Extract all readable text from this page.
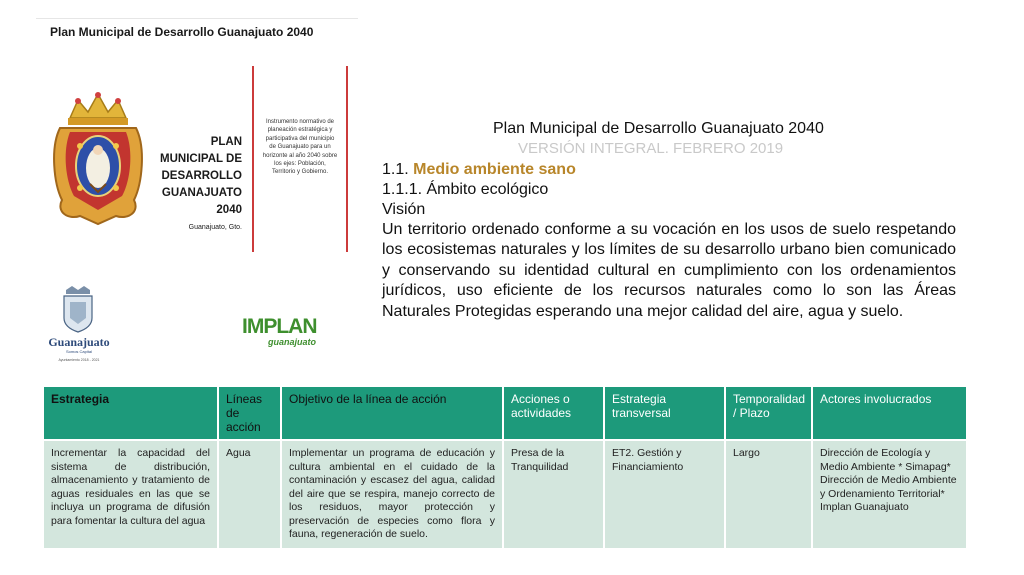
Plan Municipal de Desarrollo Guanajuato 2040
PLAN
MUNICIPAL DE
DESARROLLO
GUANAJUATO
2040
Guanajuato, Gto.
Instrumento normativo de planeación estratégica y participativa del municipio de Guanajuato para un horizonte al año 2040 sobre los ejes: Población, Territorio y Gobierno.
Guanajuato
Somos Capital
Ayuntamiento 2018 - 2021
IMPLAN
guanajuato
Plan Municipal de Desarrollo Guanajuato 2040
VERSIÓN INTEGRAL. FEBRERO 2019
1.1. Medio ambiente sano
1.1.1. Ámbito ecológico
Visión
Un territorio ordenado conforme a su vocación en los usos de suelo respetando los ecosistemas naturales y los límites de su desarrollo urbano bien comunicado y conservando su identidad cultural en cumplimiento con los ordenamientos jurídicos, uso eficiente de los recursos naturales como lo son las Áreas Naturales Protegidas esperando una mejor calidad del aire, agua y suelo.
Estrategia	Líneas de acción	Objetivo de la línea de acción	Acciones o actividades	Estrategia transversal	Temporalidad / Plazo	Actores involucrados
Incrementar la capacidad del sistema de distribución, almacenamiento y tratamiento de aguas residuales en las que se incluya un programa de difusión para fomentar la cultura del agua	Agua	Implementar un programa de educación y cultura ambiental en el cuidado de la contaminación y escasez del agua, calidad del aire que se respira, manejo correcto de los residuos, mayor protección y preservación de especies como flora y fauna, regeneración de suelo.	Presa de la Tranquilidad	ET2. Gestión y Financiamiento	Largo	Dirección de Ecología y Medio Ambiente * Simapag* Dirección de Medio Ambiente y Ordenamiento Territorial* Implan Guanajuato
